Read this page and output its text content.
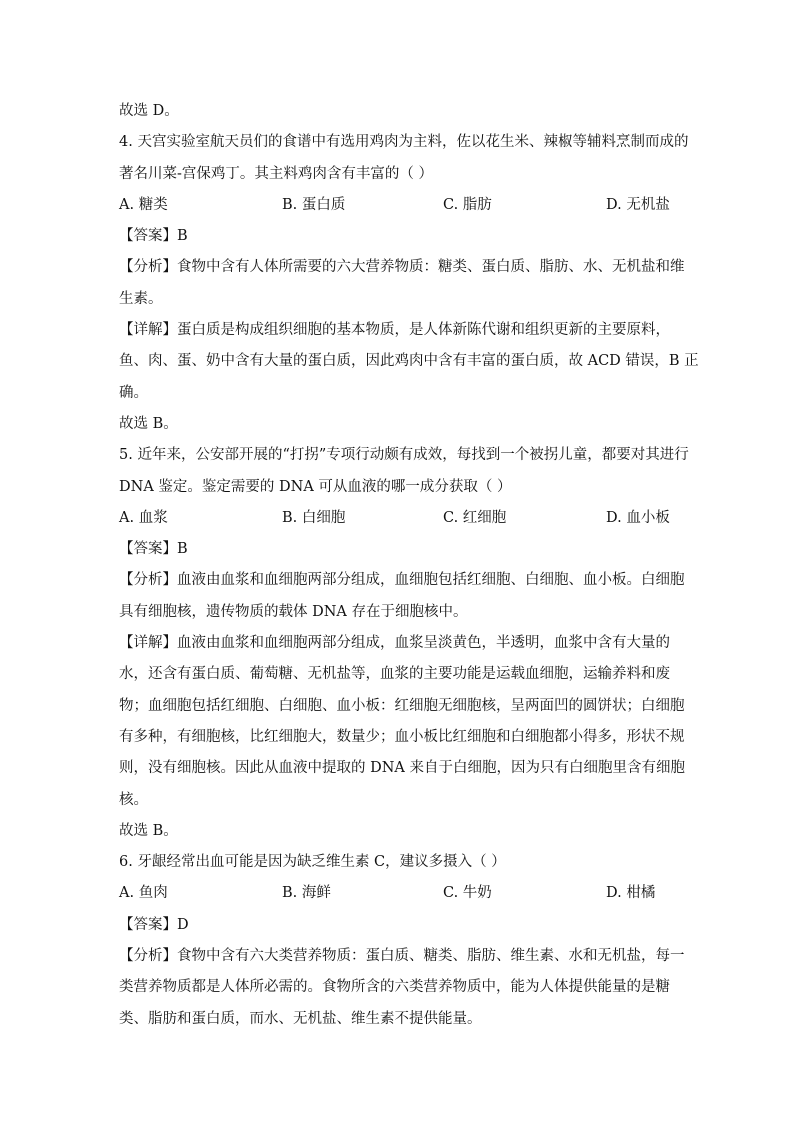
故选 D。
4. 天宫实验室航天员们的食谱中有选用鸡肉为主料，佐以花生米、辣椒等辅料烹制而成的
著名川菜-宫保鸡丁。其主料鸡肉含有丰富的（ ）
A. 糖类	B. 蛋白质	C. 脂肪	D. 无机盐
【答案】B
【分析】食物中含有人体所需要的六大营养物质：糖类、蛋白质、脂肪、水、无机盐和维
生素。
【详解】蛋白质是构成组织细胞的基本物质，是人体新陈代谢和组织更新的主要原料，
鱼、肉、蛋、奶中含有大量的蛋白质，因此鸡肉中含有丰富的蛋白质，故 ACD 错误，B 正
确。
故选 B。
5. 近年来，公安部开展的“打拐”专项行动颇有成效，每找到一个被拐儿童，都要对其进行
DNA 鉴定。鉴定需要的 DNA 可从血液的哪一成分获取（ ）
A. 血浆	B. 白细胞	C. 红细胞	D. 血小板
【答案】B
【分析】血液由血浆和血细胞两部分组成，血细胞包括红细胞、白细胞、血小板。白细胞
具有细胞核，遗传物质的载体 DNA 存在于细胞核中。
【详解】血液由血浆和血细胞两部分组成，血浆呈淡黄色，半透明，血浆中含有大量的
水，还含有蛋白质、葡萄糖、无机盐等，血浆的主要功能是运载血细胞，运输养料和废
物；血细胞包括红细胞、白细胞、血小板：红细胞无细胞核，呈两面凹的圆饼状；白细胞
有多种，有细胞核，比红细胞大，数量少；血小板比红细胞和白细胞都小得多，形状不规
则，没有细胞核。因此从血液中提取的 DNA 来自于白细胞，因为只有白细胞里含有细胞
核。
故选 B。
6. 牙龈经常出血可能是因为缺乏维生素 C，建议多摄入（ ）
A. 鱼肉	B. 海鲜	C. 牛奶	D. 柑橘
【答案】D
【分析】食物中含有六大类营养物质：蛋白质、糖类、脂肪、维生素、水和无机盐，每一
类营养物质都是人体所必需的。食物所含的六类营养物质中，能为人体提供能量的是糖
类、脂肪和蛋白质，而水、无机盐、维生素不提供能量。
